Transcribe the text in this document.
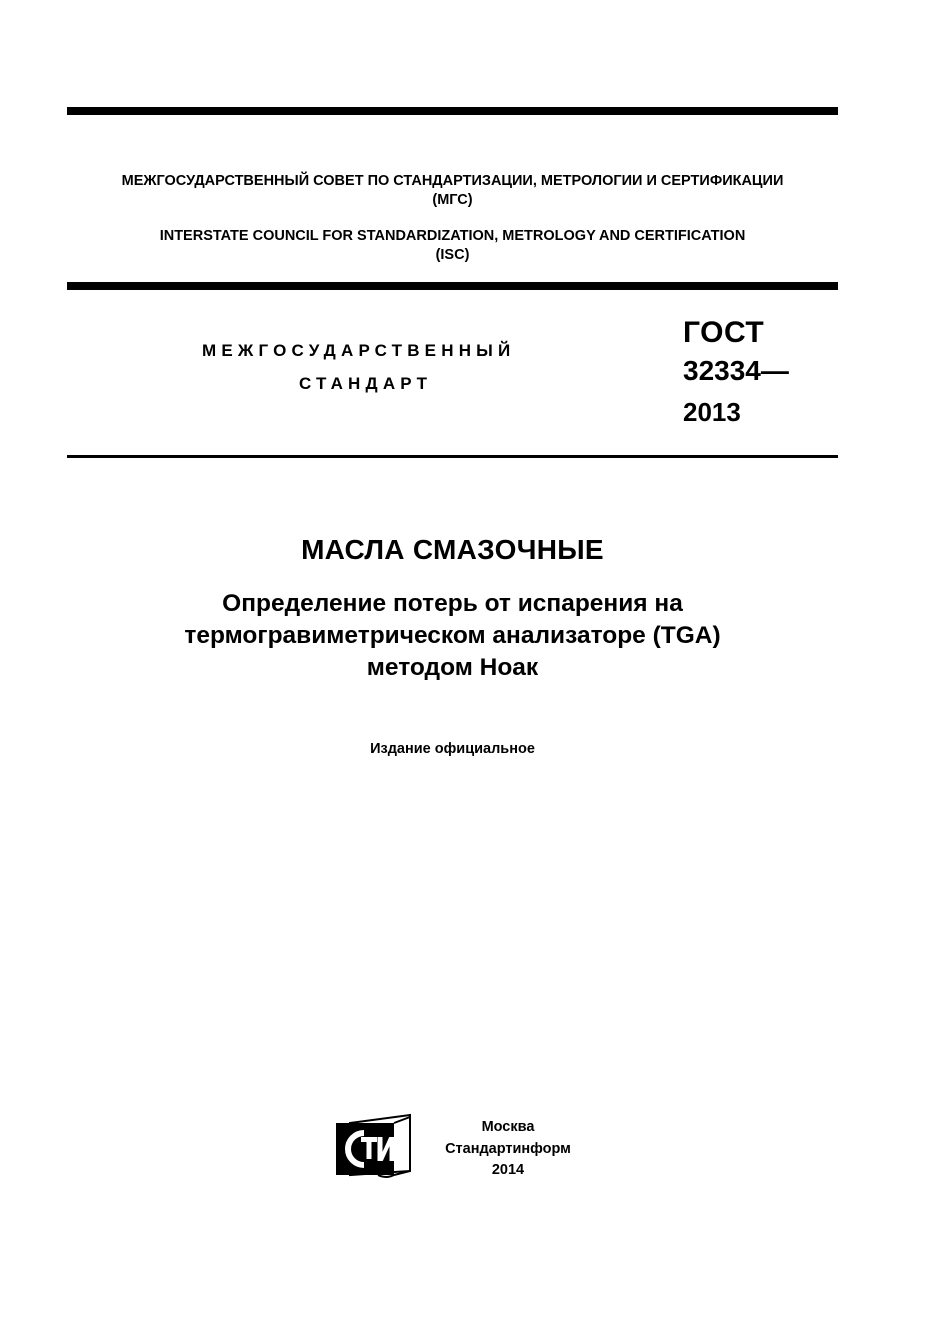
МЕЖГОСУДАРСТВЕННЫЙ СОВЕТ ПО СТАНДАРТИЗАЦИИ, МЕТРОЛОГИИ И СЕРТИФИКАЦИИ
(МГС)
INTERSTATE COUNCIL FOR STANDARDIZATION, METROLOGY AND CERTIFICATION
(ISC)
МЕЖГОСУДАРСТВЕННЫЙ
СТАНДАРТ
ГОСТ
32334—
2013
МАСЛА СМАЗОЧНЫЕ
Определение потерь от испарения на
термогравиметрическом анализаторе (TGA)
методом Ноак
Издание официальное
Москва
Стандартинформ
2014
